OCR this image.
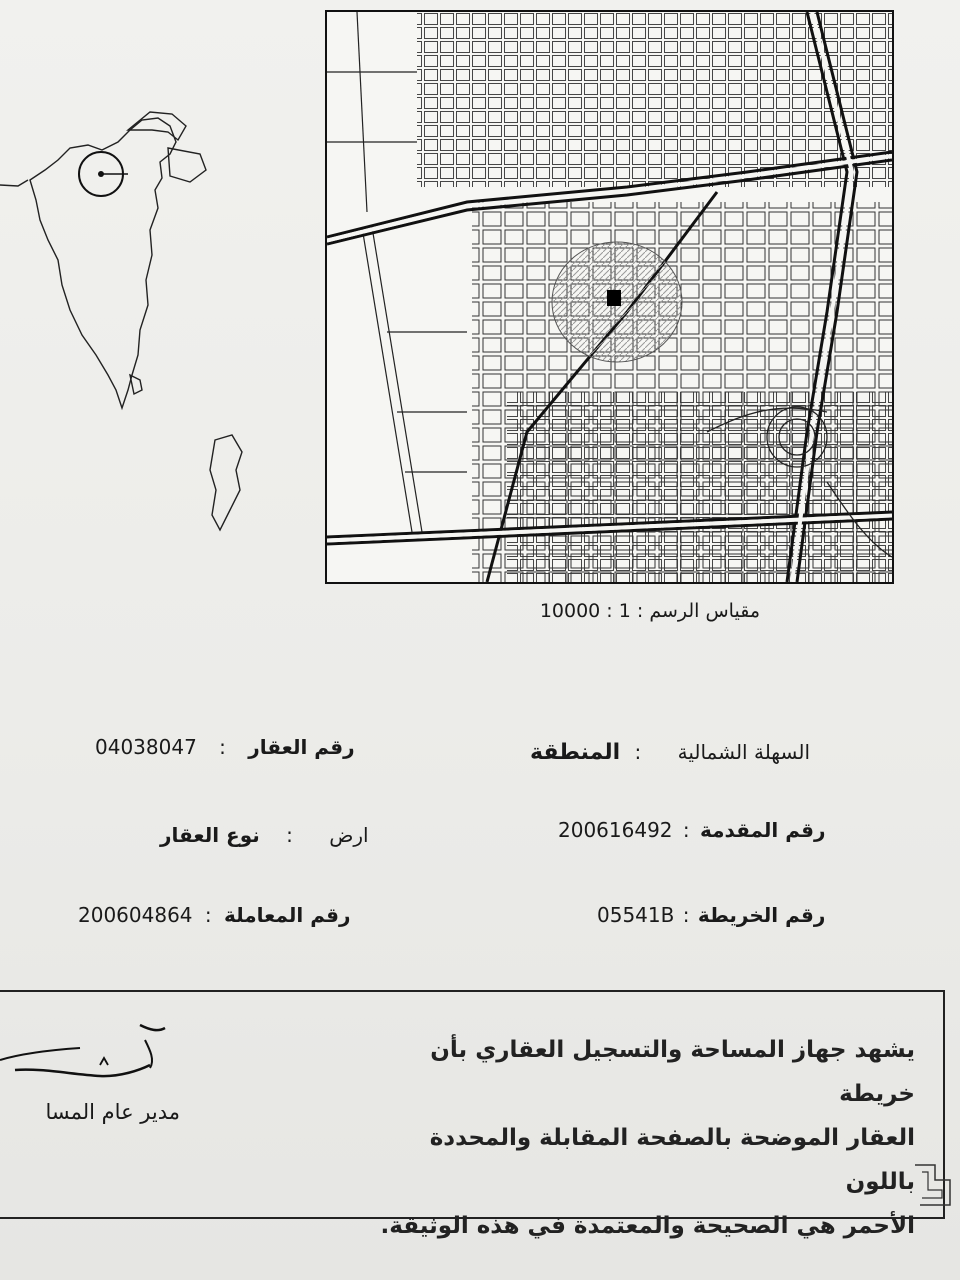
مقياس الرسم : 10000 : 1
04038047 : رقم العقار
ارض : نوع العقار
200604864 : رقم المعاملة
السهلة الشمالية : المنطقة
200616492 : رقم المقدمة
05541B : رقم الخريطة
يشهد جهاز المساحة والتسجيل العقاري بأن خريطة
العقار الموضحة بالصفحة المقابلة والمحددة باللون
الأحمر هي الصحيحة والمعتمدة في هذه الوثيقة.
مدير عام المسا
